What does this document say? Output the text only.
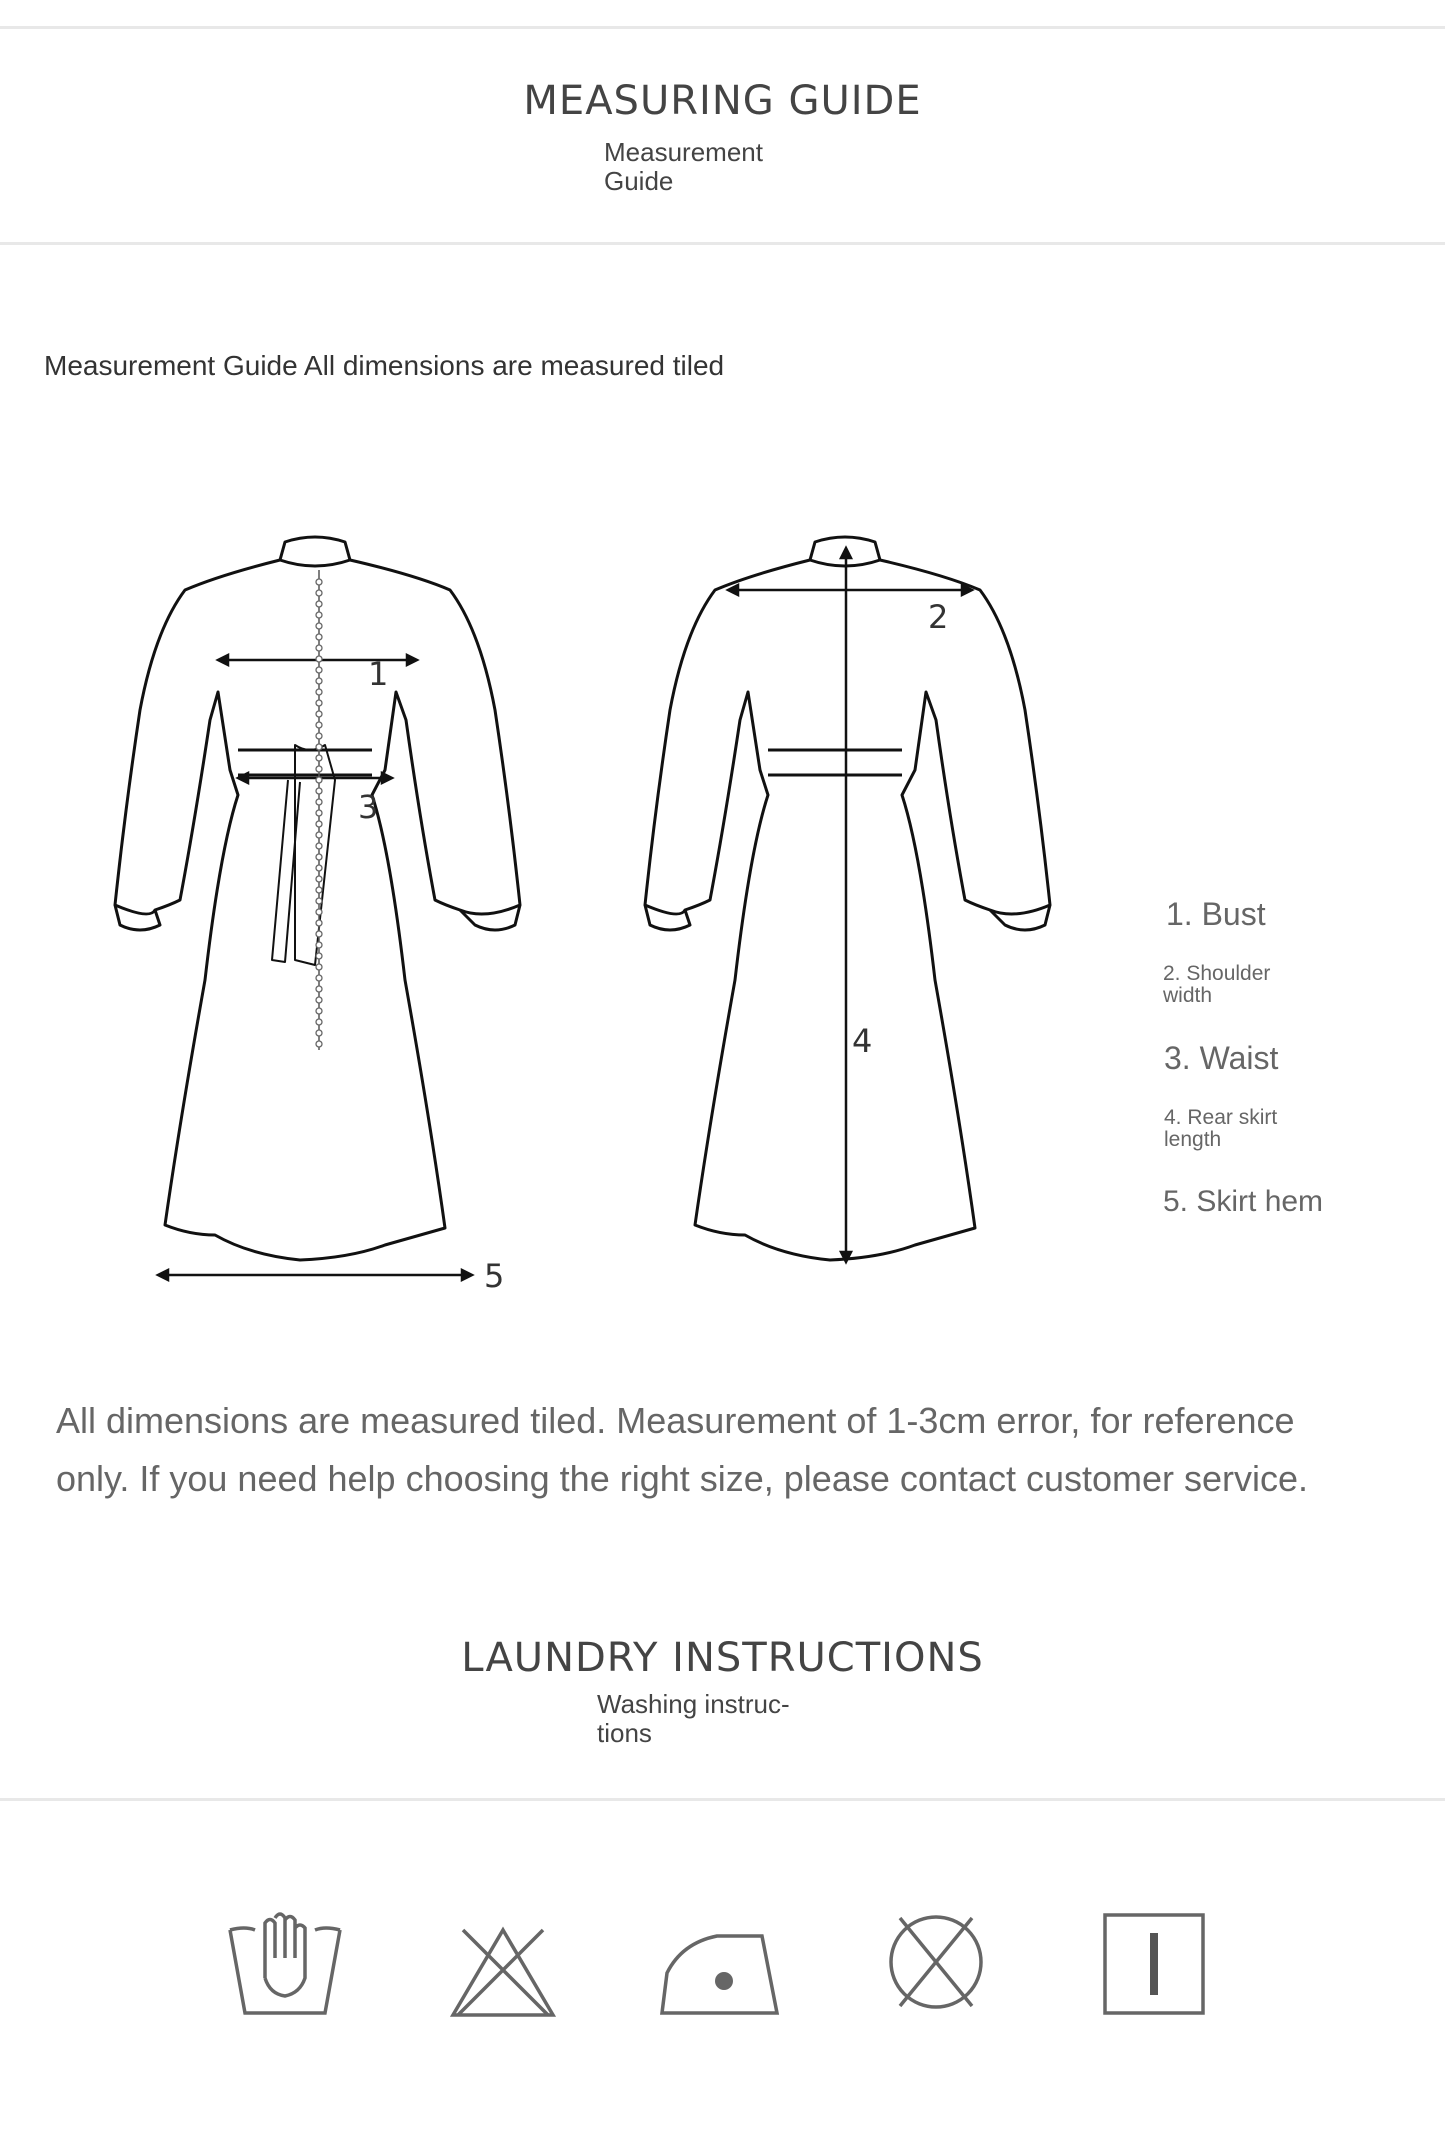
MEASURING GUIDE
Measurement
Guide
Measurement Guide All dimensions are measured tiled
1
3
5
2
4
1. Bust
2. Shoulder
width
3. Waist
4. Rear skirt
length
5. Skirt hem
All dimensions are measured tiled. Measurement of 1-3cm error, for reference
only. If you need help choosing the right size, please contact customer service.
LAUNDRY INSTRUCTIONS
Washing instruc-
tions
